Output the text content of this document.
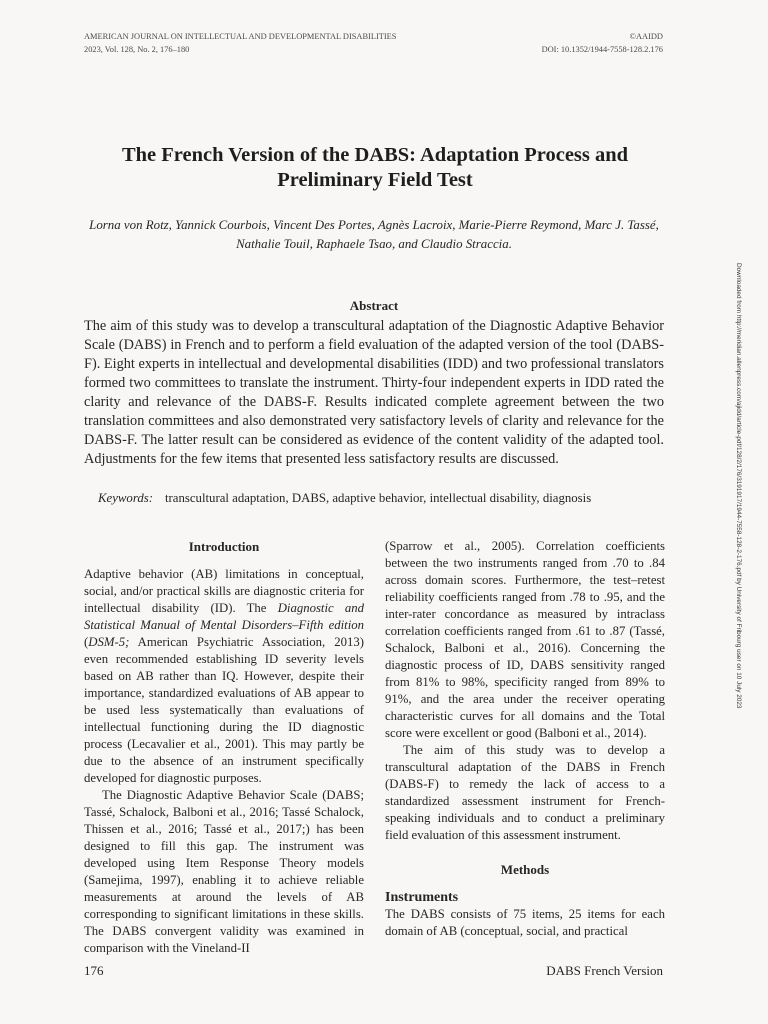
AMERICAN JOURNAL ON INTELLECTUAL AND DEVELOPMENTAL DISABILITIES
2023, Vol. 128, No. 2, 176–180
©AAIDD
DOI: 10.1352/1944-7558-128.2.176
The French Version of the DABS: Adaptation Process and Preliminary Field Test
Lorna von Rotz, Yannick Courbois, Vincent Des Portes, Agnès Lacroix, Marie-Pierre Reymond, Marc J. Tassé, Nathalie Touil, Raphaele Tsao, and Claudio Straccia.
Abstract

The aim of this study was to develop a transcultural adaptation of the Diagnostic Adaptive Behavior Scale (DABS) in French and to perform a field evaluation of the adapted version of the tool (DABS-F). Eight experts in intellectual and developmental disabilities (IDD) and two professional translators formed two committees to translate the instrument. Thirty-four independent experts in IDD rated the clarity and relevance of the DABS-F. Results indicated complete agreement between the two translation committees and also demonstrated very satisfactory levels of clarity and relevance for the DABS-F. The latter result can be considered as evidence of the content validity of the adapted tool. Adjustments for the few items that presented less satisfactory results are discussed.

Keywords: transcultural adaptation, DABS, adaptive behavior, intellectual disability, diagnosis
Introduction

Adaptive behavior (AB) limitations in conceptual, social, and/or practical skills are diagnostic criteria for intellectual disability (ID). The Diagnostic and Statistical Manual of Mental Disorders–Fifth edition (DSM-5; American Psychiatric Association, 2013) even recommended establishing ID severity levels based on AB rather than IQ. However, despite their importance, standardized evaluations of AB appear to be used less systematically than evaluations of intellectual functioning during the ID diagnostic process (Lecavalier et al., 2001). This may partly be due to the absence of an instrument specifically developed for diagnostic purposes.

The Diagnostic Adaptive Behavior Scale (DABS; Tassé, Schalock, Balboni et al., 2016; Tassé Schalock, Thissen et al., 2016; Tassé et al., 2017;) has been designed to fill this gap. The instrument was developed using Item Response Theory models (Samejima, 1997), enabling it to achieve reliable measurements at around the levels of AB corresponding to significant limitations in these skills. The DABS convergent validity was examined in comparison with the Vineland-II

(Sparrow et al., 2005). Correlation coefficients between the two instruments ranged from .70 to .84 across domain scores. Furthermore, the test–retest reliability coefficients ranged from .78 to .95, and the inter-rater concordance as measured by intraclass correlation coefficients ranged from .61 to .87 (Tassé, Schalock, Balboni et al., 2016). Concerning the diagnostic process of ID, DABS sensitivity ranged from 81% to 98%, specificity ranged from 89% to 91%, and the area under the receiver operating characteristic curves for all domains and the Total score were excellent or good (Balboni et al., 2014).

The aim of this study was to develop a transcultural adaptation of the DABS in French (DABS-F) to remedy the lack of access to a standardized assessment instrument for French-speaking individuals and to conduct a preliminary field evaluation of this assessment instrument.

Methods
Instruments

The DABS consists of 75 items, 25 items for each domain of AB (conceptual, social, and practical

176	DABS French Version
Downloaded from http://meridian.allenpress.com/ajidd/article-pdf/128/2/176/3191917/1944-7558-128-2-176.pdf by University of Fribourg user on 10 July 2023
